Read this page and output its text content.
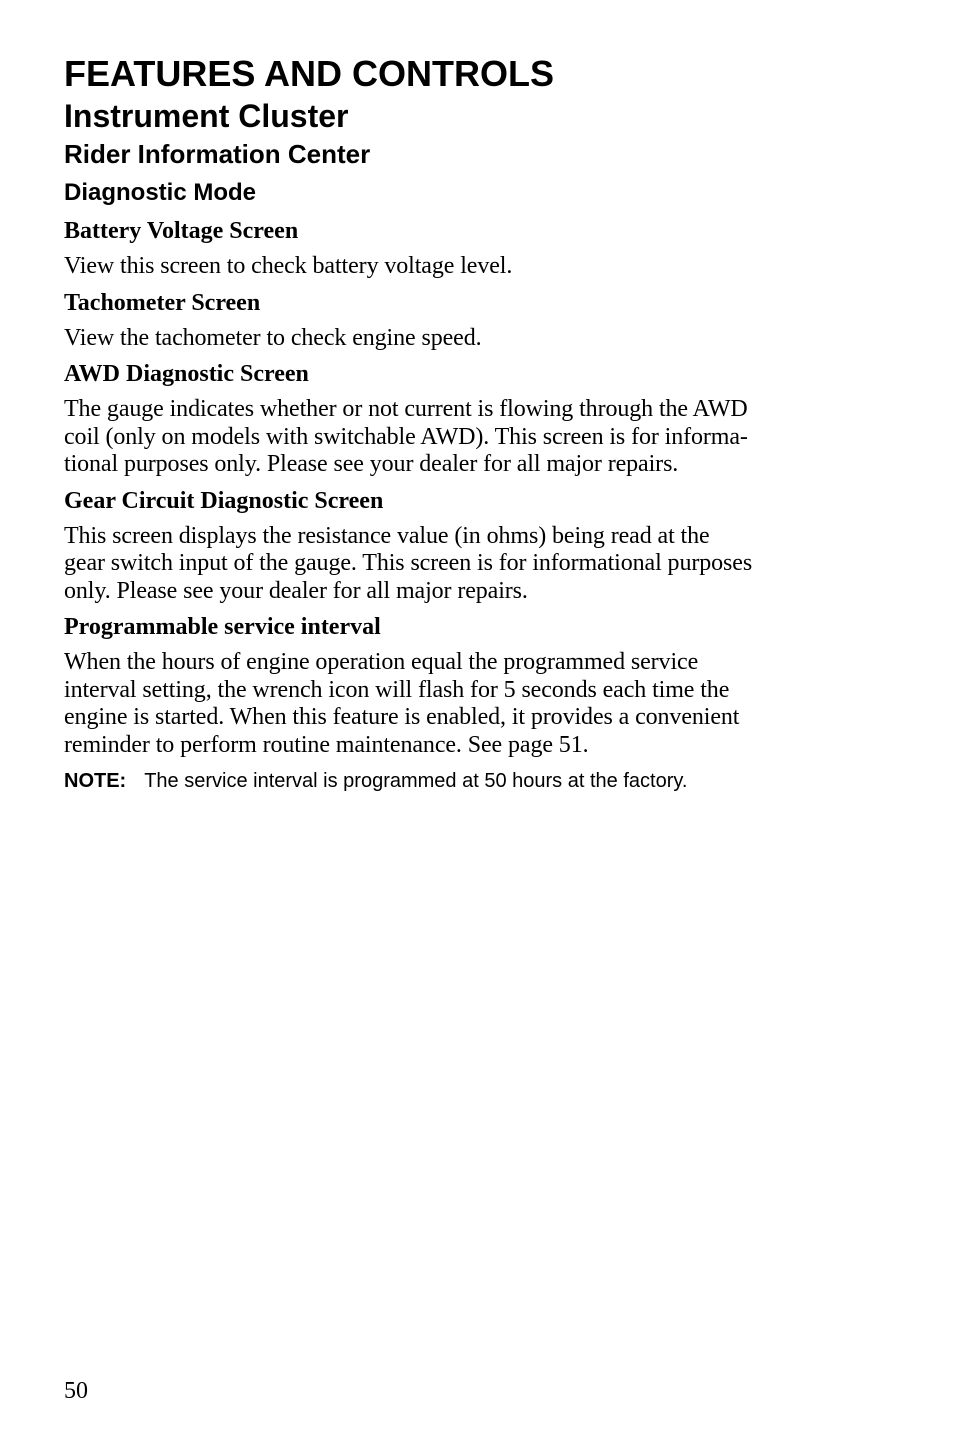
FEATURES AND CONTROLS
Instrument Cluster
Rider Information Center
Diagnostic Mode
Battery Voltage Screen
View this screen to check battery voltage level.
Tachometer Screen
View the tachometer to check engine speed.
AWD Diagnostic Screen
The gauge indicates whether or not current is flowing through the AWD
coil (only on models with switchable AWD). This screen is for informa-
tional purposes only. Please see your dealer for all major repairs.
Gear Circuit Diagnostic Screen
This screen displays the resistance value (in ohms) being read at the
gear switch input of the gauge. This screen is for informational purposes
only. Please see your dealer for all major repairs.
Programmable service interval
When the hours of engine operation equal the programmed service
interval setting, the wrench icon will flash for 5 seconds each time the
engine is started. When this feature is enabled, it provides a convenient
reminder to perform routine maintenance. See page 51.
NOTE: The service interval is programmed at 50 hours at the factory.
50
